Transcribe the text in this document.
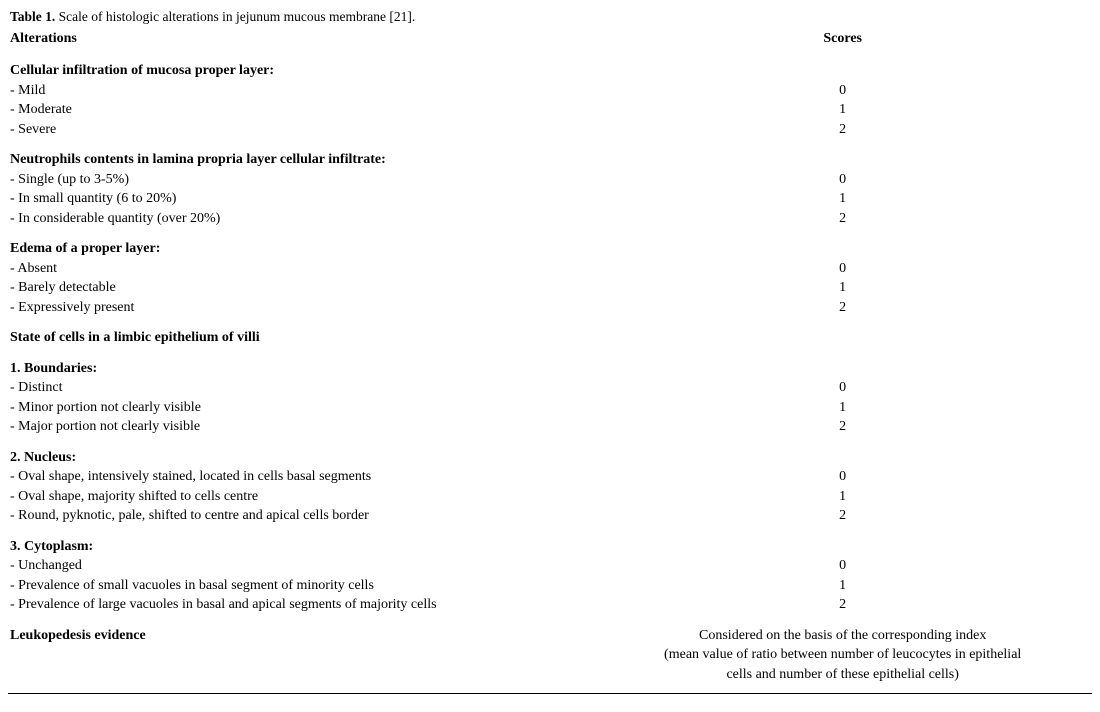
Table 1. Scale of histologic alterations in jejunum mucous membrane [21].
Alterations	Scores
Cellular infiltration of mucosa proper layer:	
- Mild	0
- Moderate	1
- Severe	2
Neutrophils contents in lamina propria layer cellular infiltrate:	
- Single (up to 3-5%)	0
- In small quantity (6 to 20%)	1
- In considerable quantity (over 20%)	2
Edema of a proper layer:	
- Absent	0
- Barely detectable	1
- Expressively present	2
State of cells in a limbic epithelium of villi	
1. Boundaries:	
- Distinct	0
- Minor portion not clearly visible	1
- Major portion not clearly visible	2
2. Nucleus:	
- Oval shape, intensively stained, located in cells basal segments	0
- Oval shape, majority shifted to cells centre	1
- Round, pyknotic, pale, shifted to centre and apical cells border	2
3. Cytoplasm:	
- Unchanged	0
- Prevalence of small vacuoles in basal segment of minority cells	1
- Prevalence of large vacuoles in basal and apical segments of majority cells	2
Leukopedesis evidence	Considered on the basis of the corresponding index
(mean value of ratio between number of leucocytes in epithelial
cells and number of these epithelial cells)
